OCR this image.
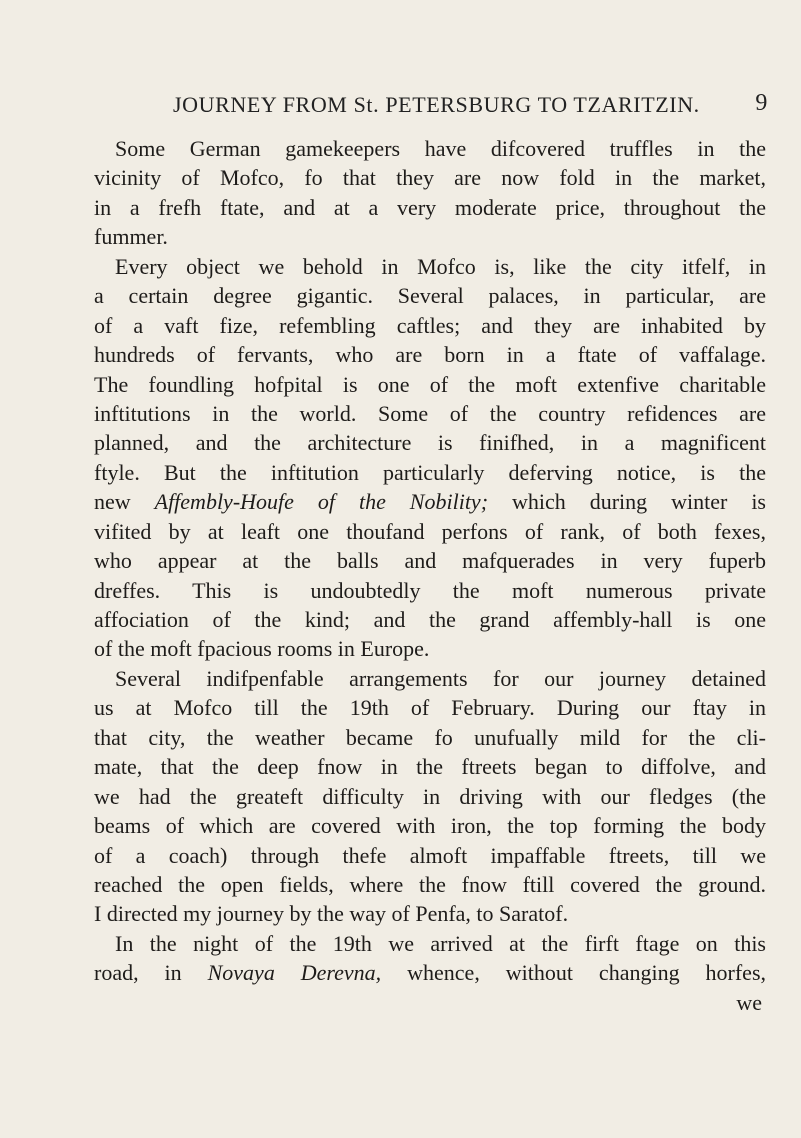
JOURNEY FROM St. PETERSBURG TO TZARITZIN. 9
Some German gamekeepers have difcovered truffles in the
vicinity of Mofco, fo that they are now fold in the market,
in a frefh ftate, and at a very moderate price, throughout the
fummer.
Every object we behold in Mofco is, like the city itfelf, in
a certain degree gigantic. Several palaces, in particular, are
of a vaft fize, refembling caftles; and they are inhabited by
hundreds of fervants, who are born in a ftate of vaffalage.
The foundling hofpital is one of the moft extenfive charitable
inftitutions in the world. Some of the country refidences are
planned, and the architecture is finifhed, in a magnificent
ftyle. But the inftitution particularly deferving notice, is the
new Affembly-Houfe of the Nobility; which during winter is
vifited by at leaft one thoufand perfons of rank, of both fexes,
who appear at the balls and mafquerades in very fuperb
dreffes. This is undoubtedly the moft numerous private
affociation of the kind; and the grand affembly-hall is one
of the moft fpacious rooms in Europe.
Several indifpenfable arrangements for our journey detained
us at Mofco till the 19th of February. During our ftay in
that city, the weather became fo unufually mild for the cli-
mate, that the deep fnow in the ftreets began to diffolve, and
we had the greateft difficulty in driving with our fledges (the
beams of which are covered with iron, the top forming the body
of a coach) through thefe almoft impaffable ftreets, till we
reached the open fields, where the fnow ftill covered the ground.
I directed my journey by the way of Penfa, to Saratof.
In the night of the 19th we arrived at the firft ftage on this
road, in Novaya Derevna, whence, without changing horfes,
we
